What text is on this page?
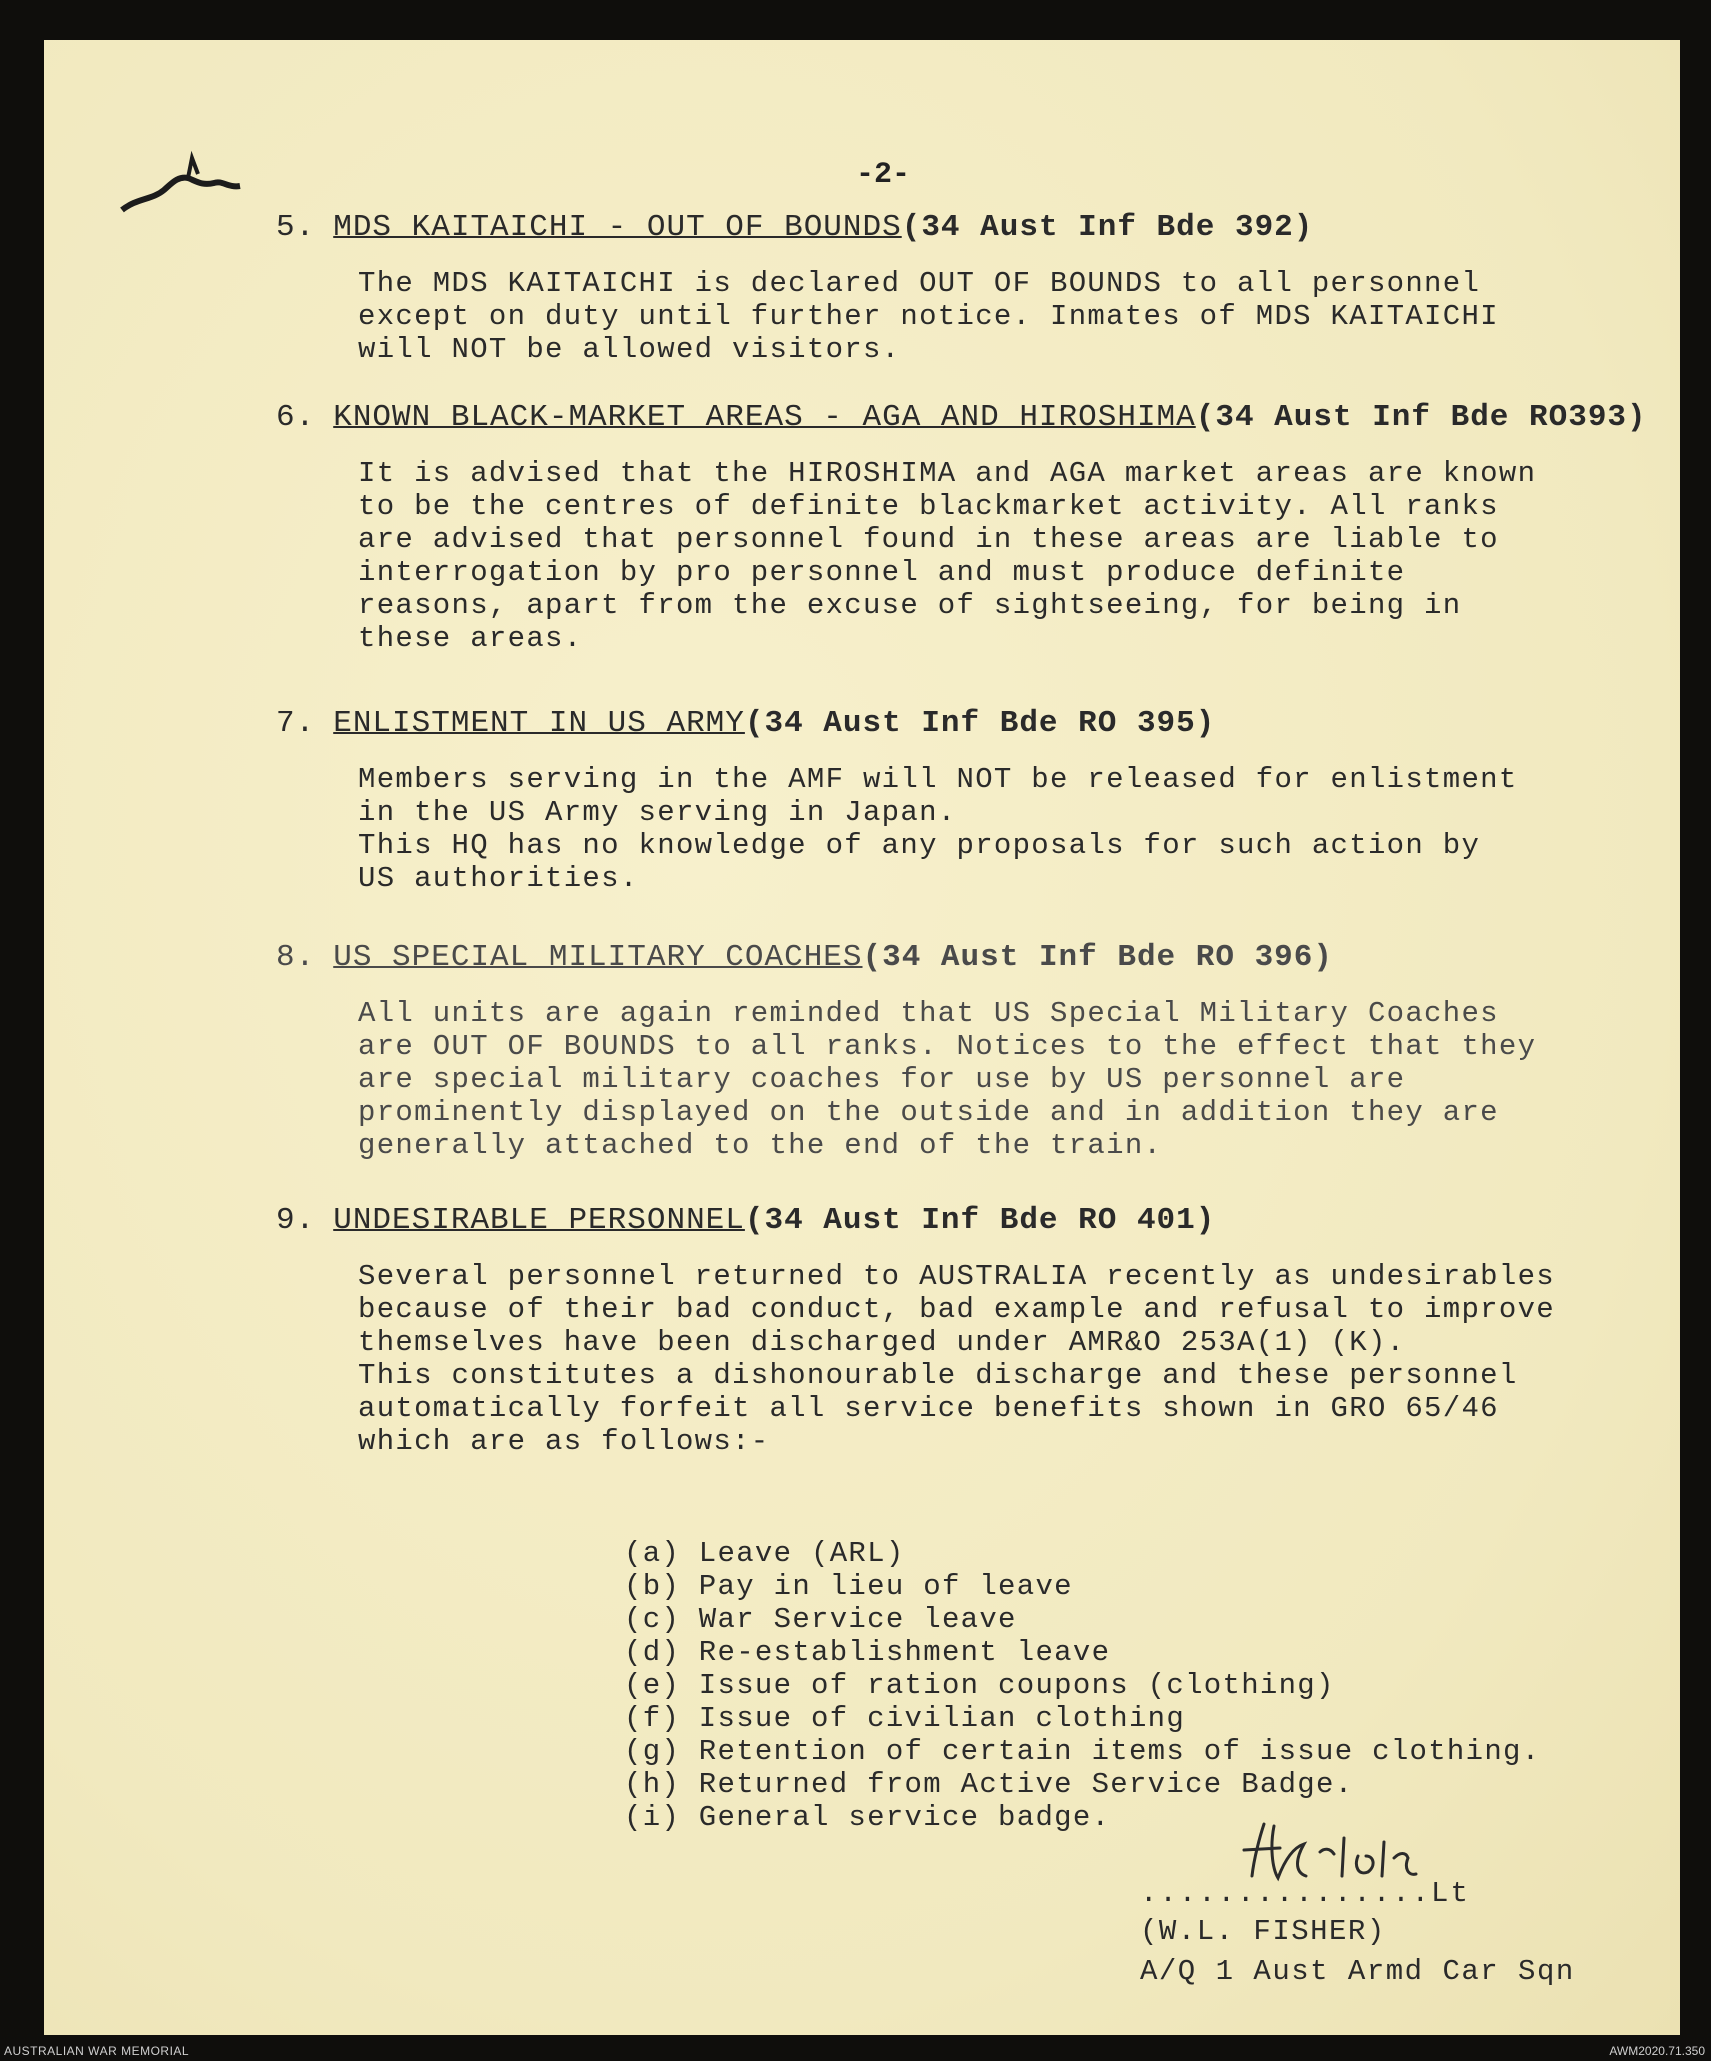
-2-
5. MDS KAITAICHI - OUT OF BOUNDS(34 Aust Inf Bde 392)

The MDS KAITAICHI is declared OUT OF BOUNDS to all personnel

except on duty until further notice. Inmates of MDS KAITAICHI

will NOT be allowed visitors.

6. KNOWN BLACK-MARKET AREAS - AGA AND HIROSHIMA(34 Aust Inf Bde RO393)

It is advised that the HIROSHIMA and AGA market areas are known

to be the centres of definite blackmarket activity. All ranks

are advised that personnel found in these areas are liable to

interrogation by pro personnel and must produce definite

reasons, apart from the excuse of sightseeing, for being in

these areas.

7. ENLISTMENT IN US ARMY(34 Aust Inf Bde RO 395)

Members serving in the AMF will NOT be released for enlistment

in the US Army serving in Japan.

This HQ has no knowledge of any proposals for such action by

US authorities.

8. US SPECIAL MILITARY COACHES(34 Aust Inf Bde RO 396)

All units are again reminded that US Special Military Coaches

are OUT OF BOUNDS to all ranks. Notices to the effect that they

are special military coaches for use by US personnel are

prominently displayed on the outside and in addition they are

generally attached to the end of the train.

9. UNDESIRABLE PERSONNEL(34 Aust Inf Bde RO 401)

Several personnel returned to AUSTRALIA recently as undesirables

because of their bad conduct, bad example and refusal to improve

themselves have been discharged under AMR&O 253A(1) (K).

This constitutes a dishonourable discharge and these personnel

automatically forfeit all service benefits shown in GRO 65/46

which are as follows:-

(a) Leave (ARL)
(b) Pay in lieu of leave
(c) War Service leave
(d) Re-establishment leave
(e) Issue of ration coupons (clothing)
(f) Issue of civilian clothing
(g) Retention of certain items of issue clothing.
(h) Returned from Active Service Badge.
(i) General service badge.
...............Lt
(W.L. FISHER)
A/Q 1 Aust Armd Car Sqn
AUSTRALIAN WAR MEMORIAL	AWM2020.71.350
